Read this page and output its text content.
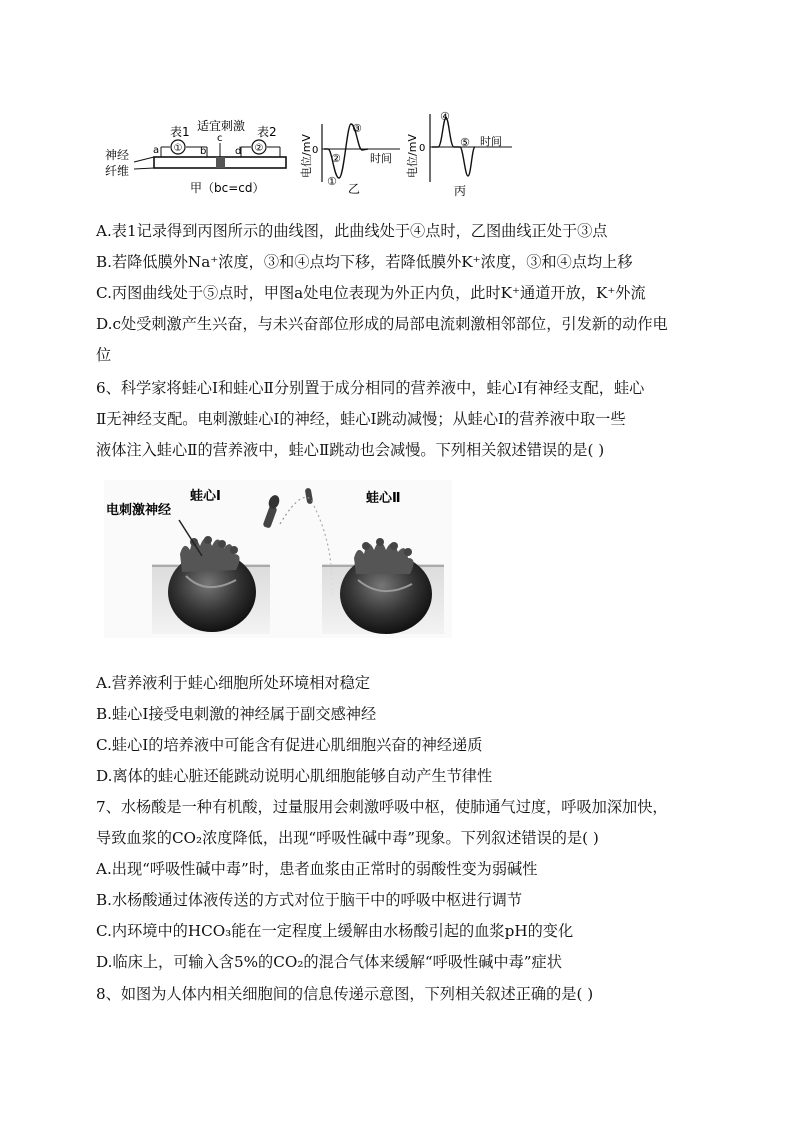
神经
纤维
①
表1
a	b
适宜刺激
c
②
表2
d
甲（bc=cd）
电位/mV 0
①
②
③
时间
乙
电位/mV 0
④
⑤ 时间
丙
A.表1记录得到丙图所示的曲线图，此曲线处于④点时，乙图曲线正处于③点
B.若降低膜外Na⁺浓度，③和④点均下移，若降低膜外K⁺浓度，③和④点均上移
C.丙图曲线处于⑤点时，甲图a处电位表现为外正内负，此时K⁺通道开放，K⁺外流
D.c处受刺激产生兴奋，与未兴奋部位形成的局部电流刺激相邻部位，引发新的动作电
位
6、科学家将蛙心Ⅰ和蛙心Ⅱ分别置于成分相同的营养液中，蛙心Ⅰ有神经支配，蛙心
Ⅱ无神经支配。电刺激蛙心Ⅰ的神经，蛙心Ⅰ跳动减慢；从蛙心Ⅰ的营养液中取一些
液体注入蛙心Ⅱ的营养液中，蛙心Ⅱ跳动也会减慢。下列相关叙述错误的是( )
电刺激神经
蛙心Ⅰ	蛙心Ⅱ
A.营养液利于蛙心细胞所处环境相对稳定
B.蛙心Ⅰ接受电刺激的神经属于副交感神经
C.蛙心Ⅰ的培养液中可能含有促进心肌细胞兴奋的神经递质
D.离体的蛙心脏还能跳动说明心肌细胞能够自动产生节律性
7、水杨酸是一种有机酸，过量服用会刺激呼吸中枢，使肺通气过度，呼吸加深加快，
导致血浆的CO₂浓度降低，出现“呼吸性碱中毒”现象。下列叙述错误的是( )
A.出现“呼吸性碱中毒”时，患者血浆由正常时的弱酸性变为弱碱性
B.水杨酸通过体液传送的方式对位于脑干中的呼吸中枢进行调节
C.内环境中的HCO₃能在一定程度上缓解由水杨酸引起的血浆pH的变化
D.临床上，可输入含5%的CO₂的混合气体来缓解“呼吸性碱中毒”症状
8、如图为人体内相关细胞间的信息传递示意图，下列相关叙述正确的是( )
